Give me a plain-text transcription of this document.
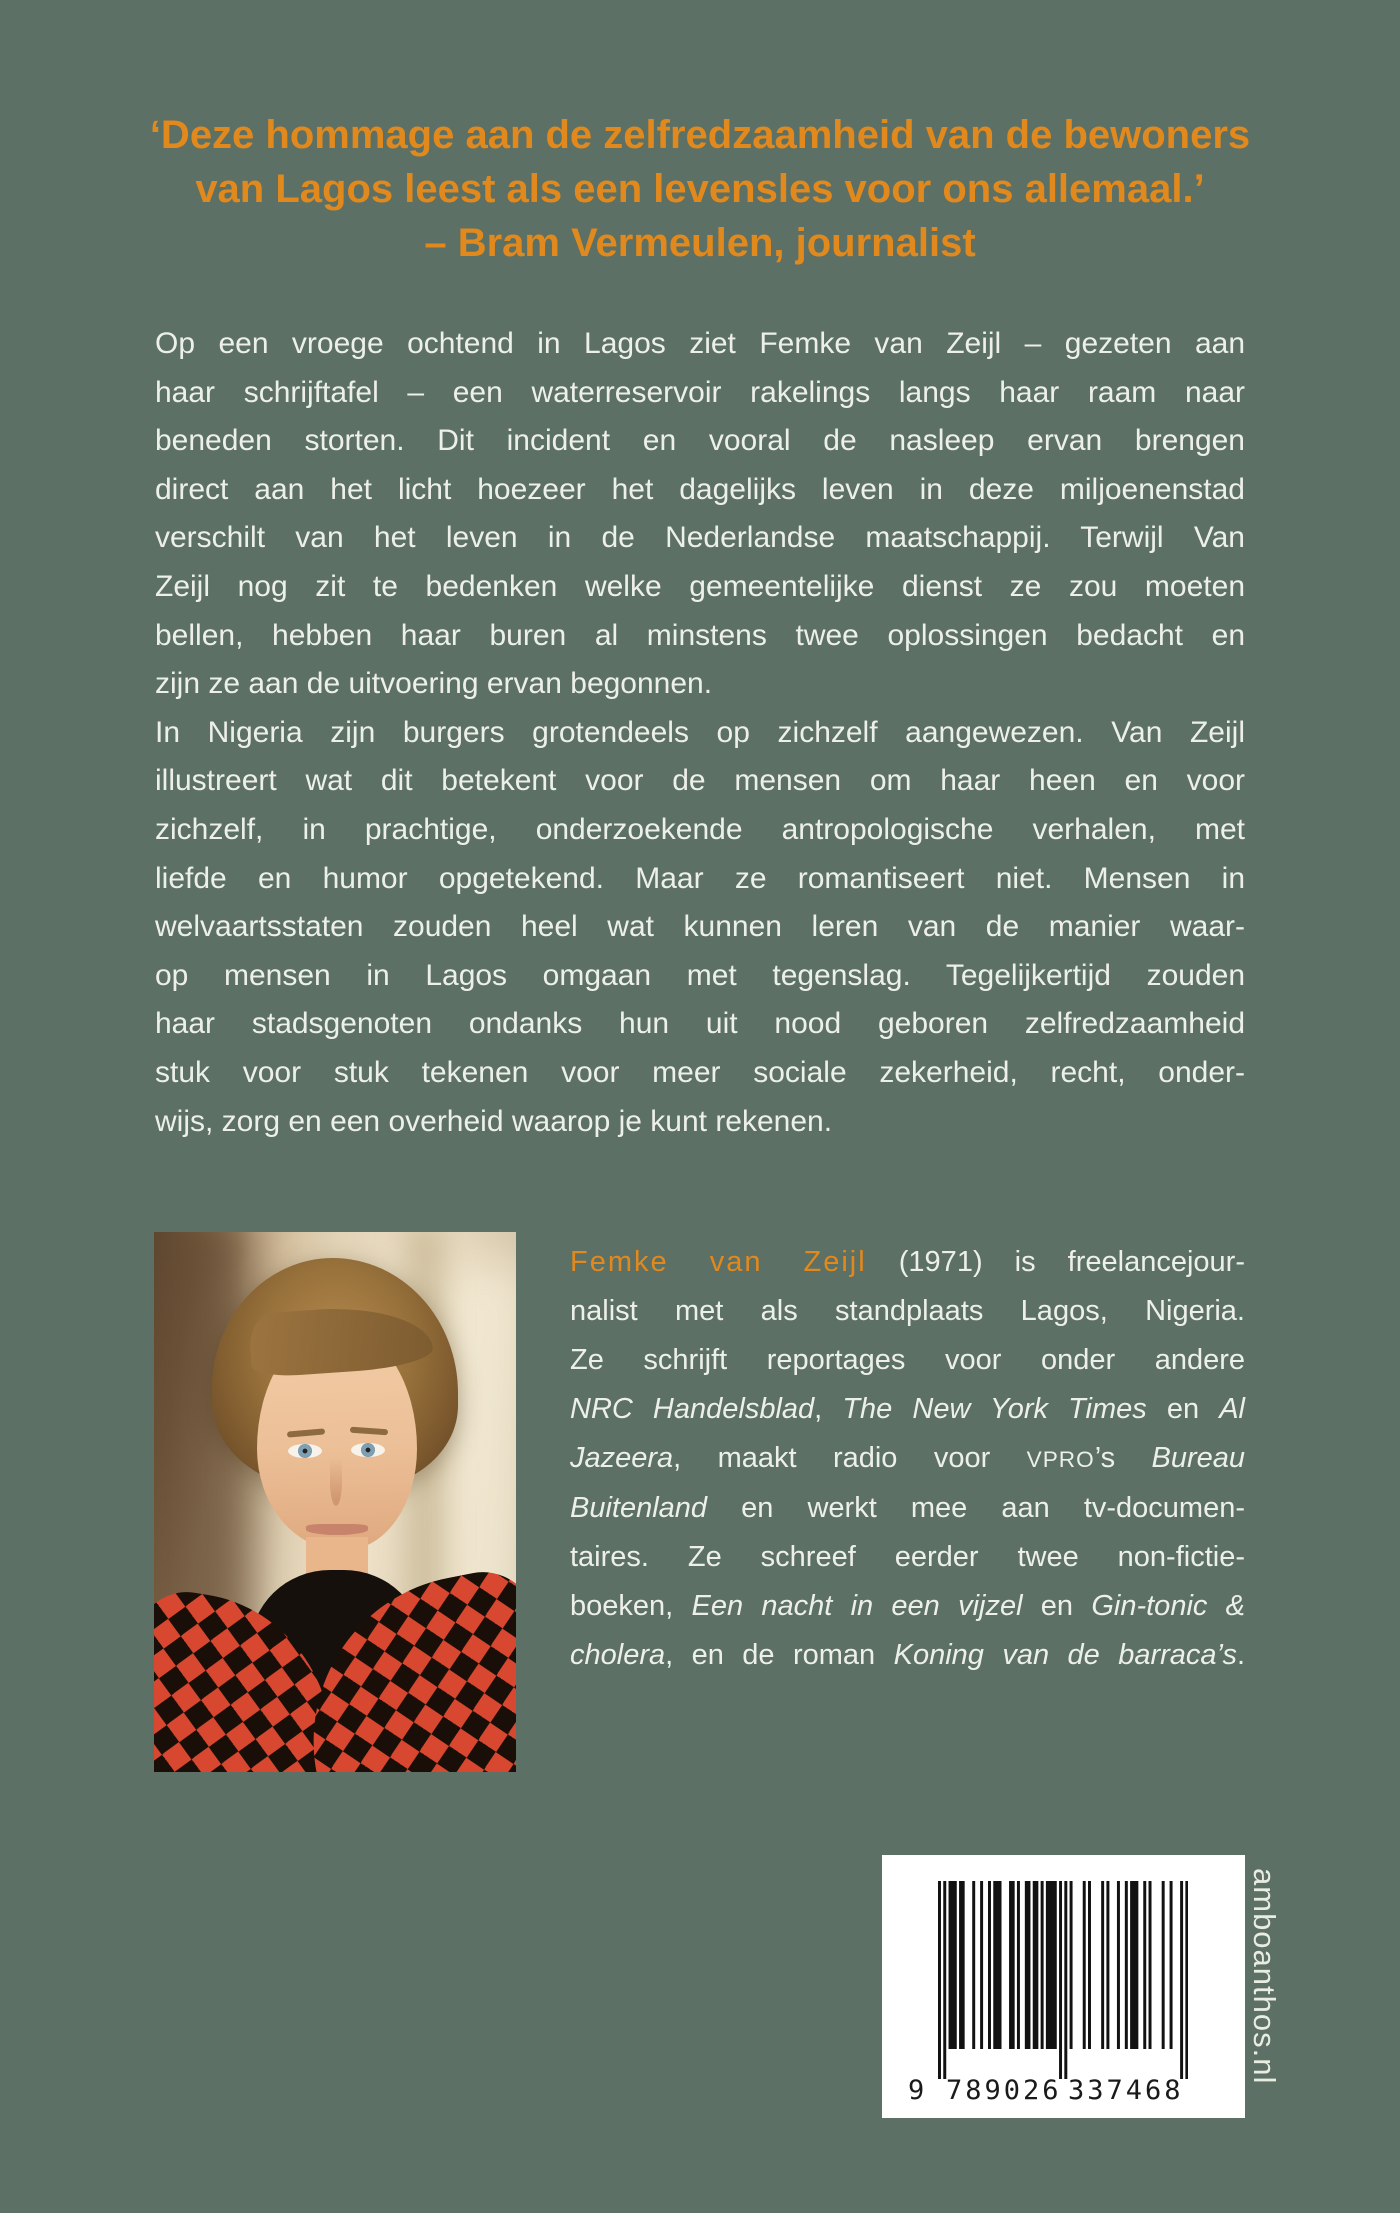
‘Deze hommage aan de zelfredzaamheid van de bewoners
van Lagos leest als een levensles voor ons allemaal.’
– Bram Vermeulen, journalist
Op een vroege ochtend in Lagos ziet Femke van Zeijl – gezeten aan
haar schrijftafel – een waterreservoir rakelings langs haar raam naar
beneden storten. Dit incident en vooral de nasleep ervan brengen
direct aan het licht hoezeer het dagelijks leven in deze miljoenenstad
verschilt van het leven in de Nederlandse maatschappij. Terwijl Van
Zeijl nog zit te bedenken welke gemeentelijke dienst ze zou moeten
bellen, hebben haar buren al minstens twee oplossingen bedacht en
zijn ze aan de uitvoering ervan begonnen.
In Nigeria zijn burgers grotendeels op zichzelf aangewezen. Van Zeijl
illustreert wat dit betekent voor de mensen om haar heen en voor
zichzelf, in prachtige, onderzoekende antropologische verhalen, met
liefde en humor opgetekend. Maar ze romantiseert niet. Mensen in
welvaartsstaten zouden heel wat kunnen leren van de manier waar-
op mensen in Lagos omgaan met tegenslag. Tegelijkertijd zouden
haar stadsgenoten ondanks hun uit nood geboren zelfredzaamheid
stuk voor stuk tekenen voor meer sociale zekerheid, recht, onder-
wijs, zorg en een overheid waarop je kunt rekenen.
Femke van Zeijl (1971) is freelancejour-
nalist met als standplaats Lagos, Nigeria.
Ze schrijft reportages voor onder andere
NRC Handelsblad, The New York Times en Al
Jazeera, maakt radio voor VPRO’s Bureau
Buitenland en werkt mee aan tv-documen-
taires. Ze schreef eerder twee non-fictie-
boeken, Een nacht in een vijzel en Gin-tonic &
cholera, en de roman Koning van de barraca’s.
9 789026 337468
amboanthos.nl
